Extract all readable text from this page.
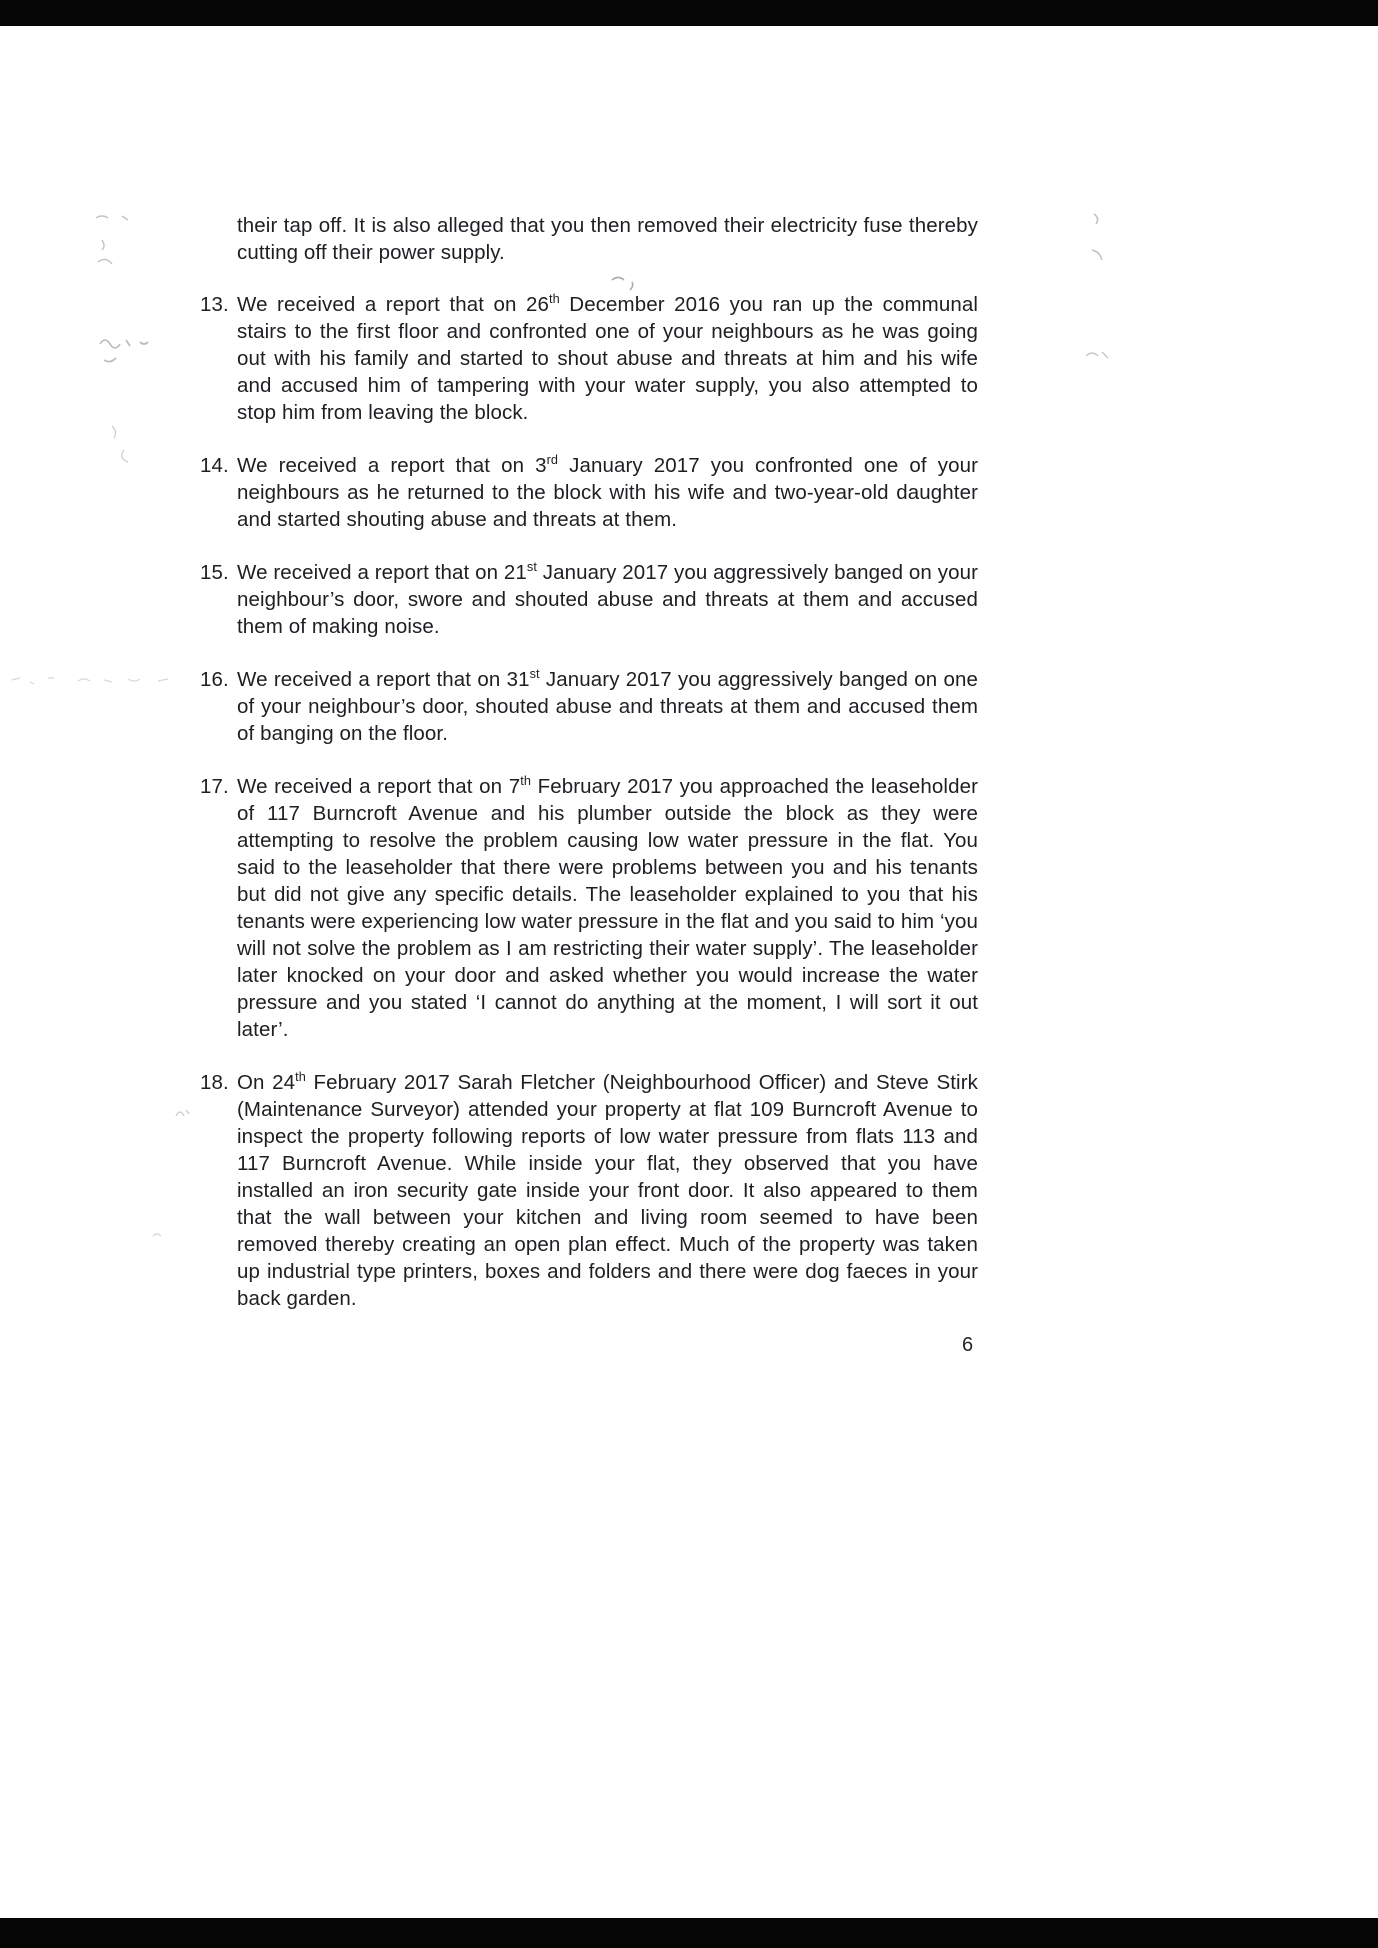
their tap off. It is also alleged that you then removed their electricity fuse thereby cutting off their power supply.
13. We received a report that on 26th December 2016 you ran up the communal stairs to the first floor and confronted one of your neighbours as he was going out with his family and started to shout abuse and threats at him and his wife and accused him of tampering with your water supply, you also attempted to stop him from leaving the block.
14. We received a report that on 3rd January 2017 you confronted one of your neighbours as he returned to the block with his wife and two-year-old daughter and started shouting abuse and threats at them.
15. We received a report that on 21st January 2017 you aggressively banged on your neighbour’s door, swore and shouted abuse and threats at them and accused them of making noise.
16. We received a report that on 31st January 2017 you aggressively banged on one of your neighbour’s door, shouted abuse and threats at them and accused them of banging on the floor.
17. We received a report that on 7th February 2017 you approached the leaseholder of 117 Burncroft Avenue and his plumber outside the block as they were attempting to resolve the problem causing low water pressure in the flat. You said to the leaseholder that there were problems between you and his tenants but did not give any specific details. The leaseholder explained to you that his tenants were experiencing low water pressure in the flat and you said to him ‘you will not solve the problem as I am restricting their water supply’. The leaseholder later knocked on your door and asked whether you would increase the water pressure and you stated ‘I cannot do anything at the moment, I will sort it out later’.
18. On 24th February 2017 Sarah Fletcher (Neighbourhood Officer) and Steve Stirk (Maintenance Surveyor) attended your property at flat 109 Burncroft Avenue to inspect the property following reports of low water pressure from flats 113 and 117 Burncroft Avenue. While inside your flat, they observed that you have installed an iron security gate inside your front door. It also appeared to them that the wall between your kitchen and living room seemed to have been removed thereby creating an open plan effect. Much of the property was taken up industrial type printers, boxes and folders and there were dog faeces in your back garden.
6
